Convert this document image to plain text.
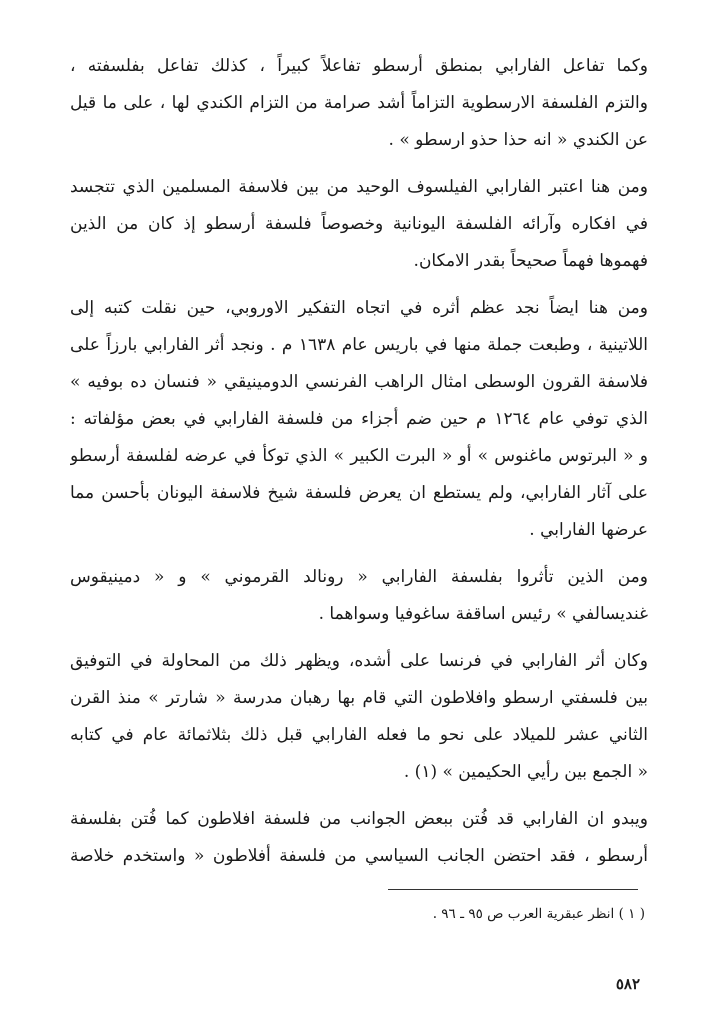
وكما تفاعل الفارابي بمنطق أرسطو تفاعلاً كبيراً ، كذلك تفاعل بفلسفته ،
والتزم الفلسفة الارسطوية التزاماً أشد صرامة من التزام الكندي لها ، على ما قيل
عن الكندي « انه حذا حذو ارسطو » .
ومن هنا اعتبر الفارابي الفيلسوف الوحيد من بين فلاسفة المسلمين الذي تتجسد
في افكاره وآرائه الفلسفة اليونانية وخصوصاً فلسفة أرسطو إذ كان من الذين
فهموها فهماً صحيحاً بقدر الامكان.
ومن هنا ايضاً نجد عظم أثره في اتجاه التفكير الاوروبي، حين نقلت كتبه إلى
اللاتينية ، وطبعت جملة منها في باريس عام ١٦٣٨ م . ونجد أثر الفارابي بارزاً على
فلاسفة القرون الوسطى امثال الراهب الفرنسي الدومينيقي « فنسان ده بوفيه »
الذي توفي عام ١٢٦٤ م حين ضم أجزاء من فلسفة الفارابي في بعض مؤلفاته :
و « البرتوس ماغنوس » أو « البرت الكبير » الذي توكأ في عرضه لفلسفة أرسطو
على آثار الفارابي، ولم يستطع ان يعرض فلسفة شيخ فلاسفة اليونان بأحسن مما
عرضها الفارابي .
ومن الذين تأثروا بفلسفة الفارابي « رونالد القرموني » و « دمينيقوس
غنديسالفي » رئيس اساقفة ساغوفيا وسواهما .
وكان أثر الفارابي في فرنسا على أشده، ويظهر ذلك من المحاولة في التوفيق
بين فلسفتي ارسطو وافلاطون التي قام بها رهبان مدرسة « شارتر » منذ القرن
الثاني عشر للميلاد على نحو ما فعله الفارابي قبل ذلك بثلاثمائة عام في كتابه
« الجمع بين رأيي الحكيمين » (١) .
ويبدو ان الفارابي قد فُتن ببعض الجوانب من فلسفة افلاطون كما فُتن بفلسفة
أرسطو ، فقد احتضن الجانب السياسي من فلسفة أفلاطون « واستخدم خلاصة
( ١ ) انظر عبقرية العرب ص ٩٥ ـ ٩٦ .
٥٨٢
